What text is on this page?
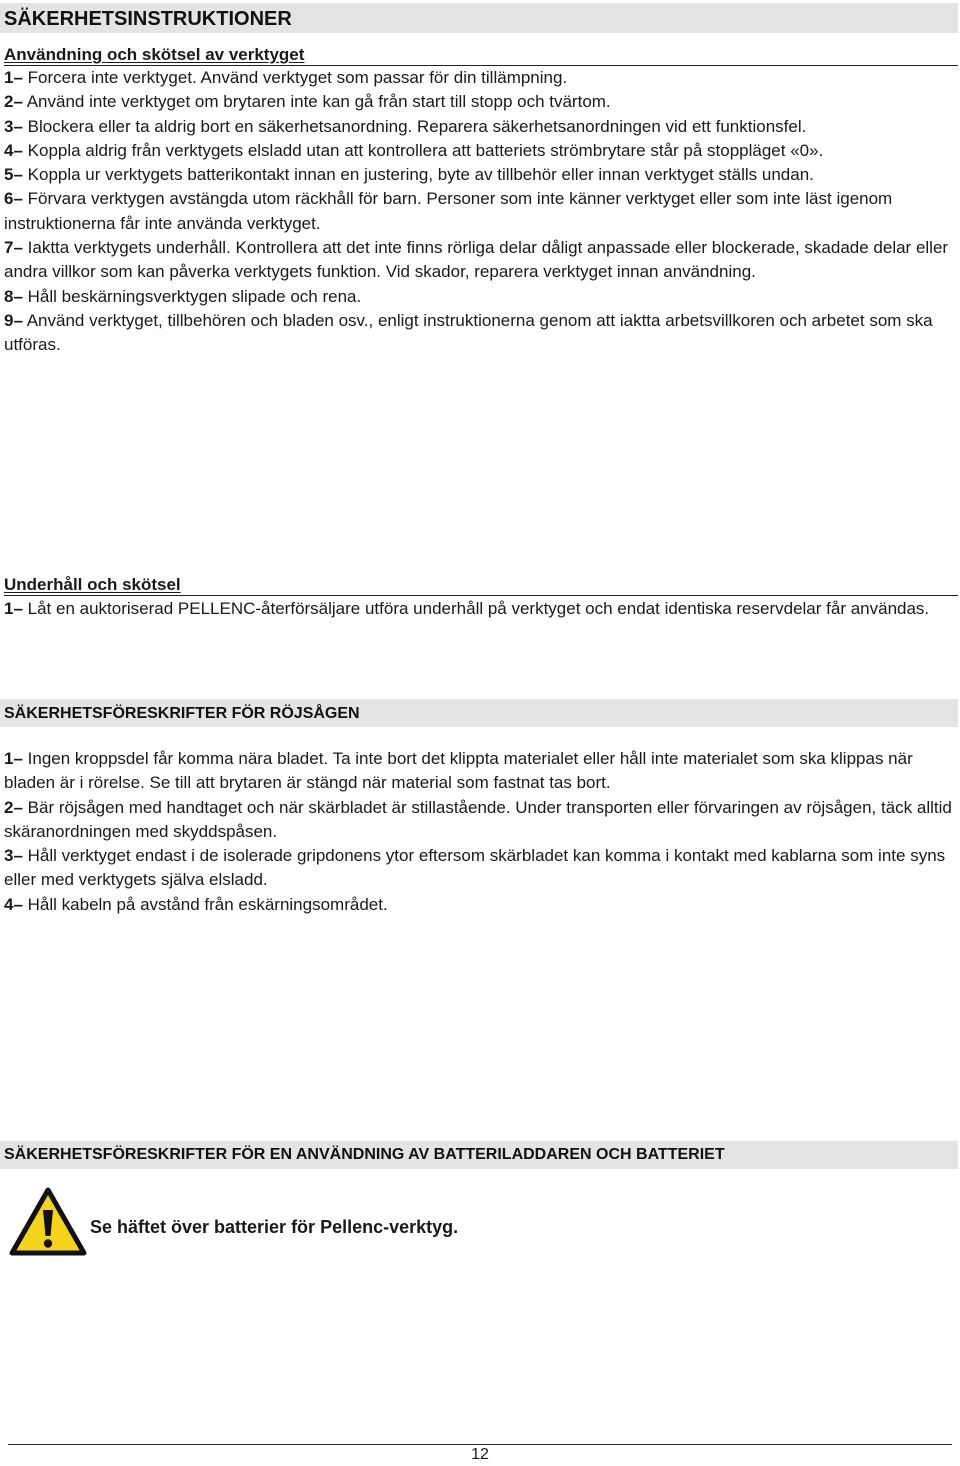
SÄKERHETSINSTRUKTIONER
Användning och skötsel av verktyget

1– Forcera inte verktyget. Använd verktyget som passar för din tillämpning.

2– Använd inte verktyget om brytaren inte kan gå från start till stopp och tvärtom.

3– Blockera eller ta aldrig bort en säkerhetsanordning. Reparera säkerhetsanordningen vid ett funktionsfel.

4– Koppla aldrig från verktygets elsladd utan att kontrollera att batteriets strömbrytare står på stoppläget «0».

5– Koppla ur verktygets batterikontakt innan en justering, byte av tillbehör eller innan verktyget ställs undan.

6– Förvara verktygen avstängda utom räckhåll för barn. Personer som inte känner verktyget eller som inte läst igenom instruktionerna får inte använda verktyget.

7– Iaktta verktygets underhåll. Kontrollera att det inte finns rörliga delar dåligt anpassade eller blockerade, skadade delar eller andra villkor som kan påverka verktygets funktion. Vid skador, reparera verktyget innan användning.

8– Håll beskärningsverktygen slipade och rena.

9– Använd verktyget, tillbehören och bladen osv., enligt instruktionerna genom att iaktta arbetsvillkoren och arbetet som ska utföras.

Underhåll och skötsel

1– Låt en auktoriserad PELLENC-återförsäljare utföra underhåll på verktyget och endat identiska reservdelar får användas.

SÄKERHETSFÖRESKRIFTER FÖR RÖJSÅGEN

1– Ingen kroppsdel får komma nära bladet. Ta inte bort det klippta materialet eller håll inte materialet som ska klippas när bladen är i rörelse. Se till att brytaren är stängd när material som fastnat tas bort.

2– Bär röjsågen med handtaget och när skärbladet är stillastående. Under transporten eller förvaringen av röjsågen, täck alltid skäranordningen med skyddspåsen.

3– Håll verktyget endast i de isolerade gripdonens ytor eftersom skärbladet kan komma i kontakt med kablarna som inte syns eller med verktygets själva elsladd.

4– Håll kabeln på avstånd från eskärningsområdet.

SÄKERHETSFÖRESKRIFTER FÖR EN ANVÄNDNING AV BATTERILADDAREN OCH BATTERIET
Se häftet över batterier för Pellenc-verktyg.
12
